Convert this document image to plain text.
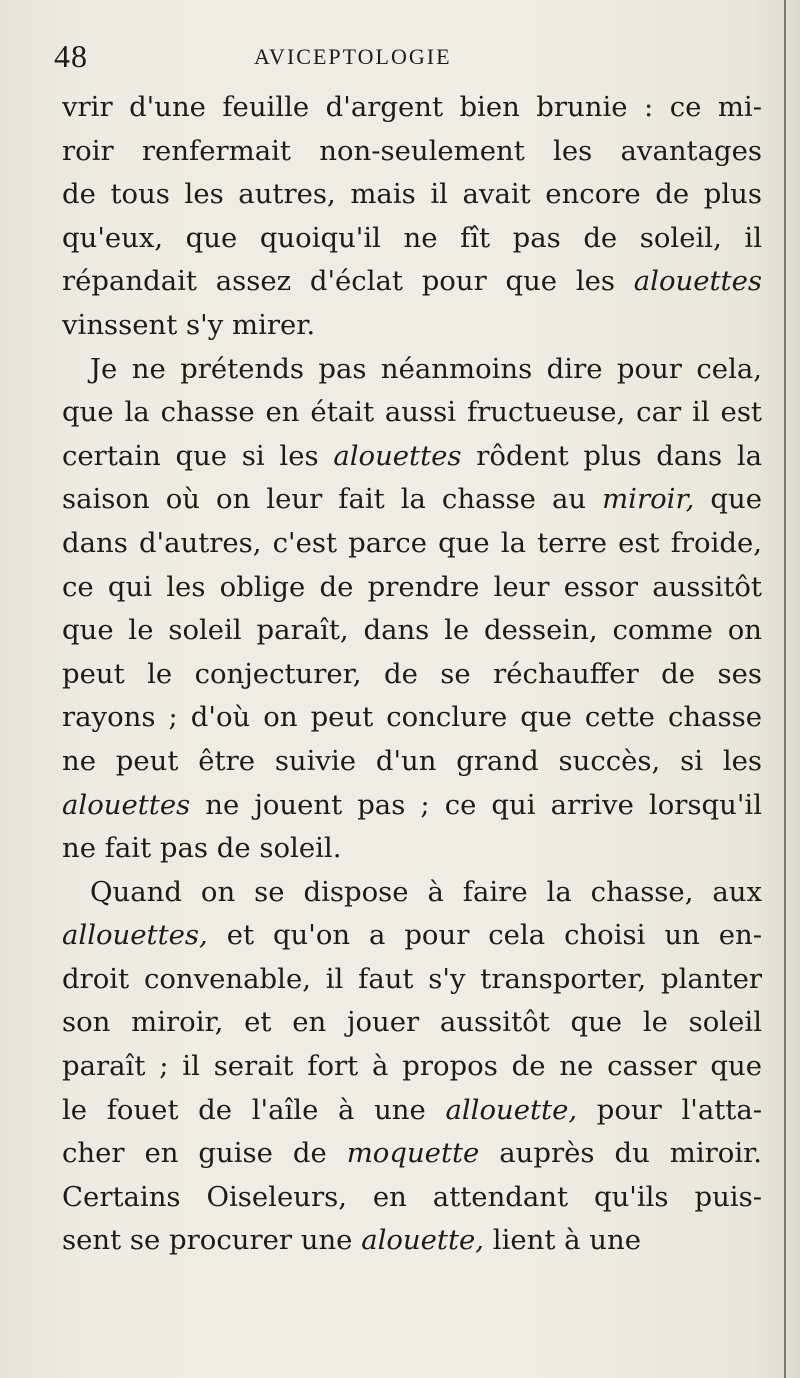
48	AVICEPTOLOGIE
vrir d'une feuille d'argent bien brunie : ce mi-
roir renfermait non-seulement les avantages
de tous les autres, mais il avait encore de plus
qu'eux, que quoiqu'il ne fît pas de soleil, il
répandait assez d'éclat pour que les alouettes
vinssent s'y mirer.
Je ne prétends pas néanmoins dire pour cela,
que la chasse en était aussi fructueuse, car il est
certain que si les alouettes rôdent plus dans la
saison où on leur fait la chasse au miroir, que
dans d'autres, c'est parce que la terre est froide,
ce qui les oblige de prendre leur essor aussitôt
que le soleil paraît, dans le dessein, comme on
peut le conjecturer, de se réchauffer de ses
rayons ; d'où on peut conclure que cette chasse
ne peut être suivie d'un grand succès, si les
alouettes ne jouent pas ; ce qui arrive lorsqu'il
ne fait pas de soleil.
Quand on se dispose à faire la chasse, aux
allouettes, et qu'on a pour cela choisi un en-
droit convenable, il faut s'y transporter, planter
son miroir, et en jouer aussitôt que le soleil
paraît ; il serait fort à propos de ne casser que
le fouet de l'aîle à une allouette, pour l'atta-
cher en guise de moquette auprès du miroir.
Certains Oiseleurs, en attendant qu'ils puis-
sent se procurer une alouette, lient à une
